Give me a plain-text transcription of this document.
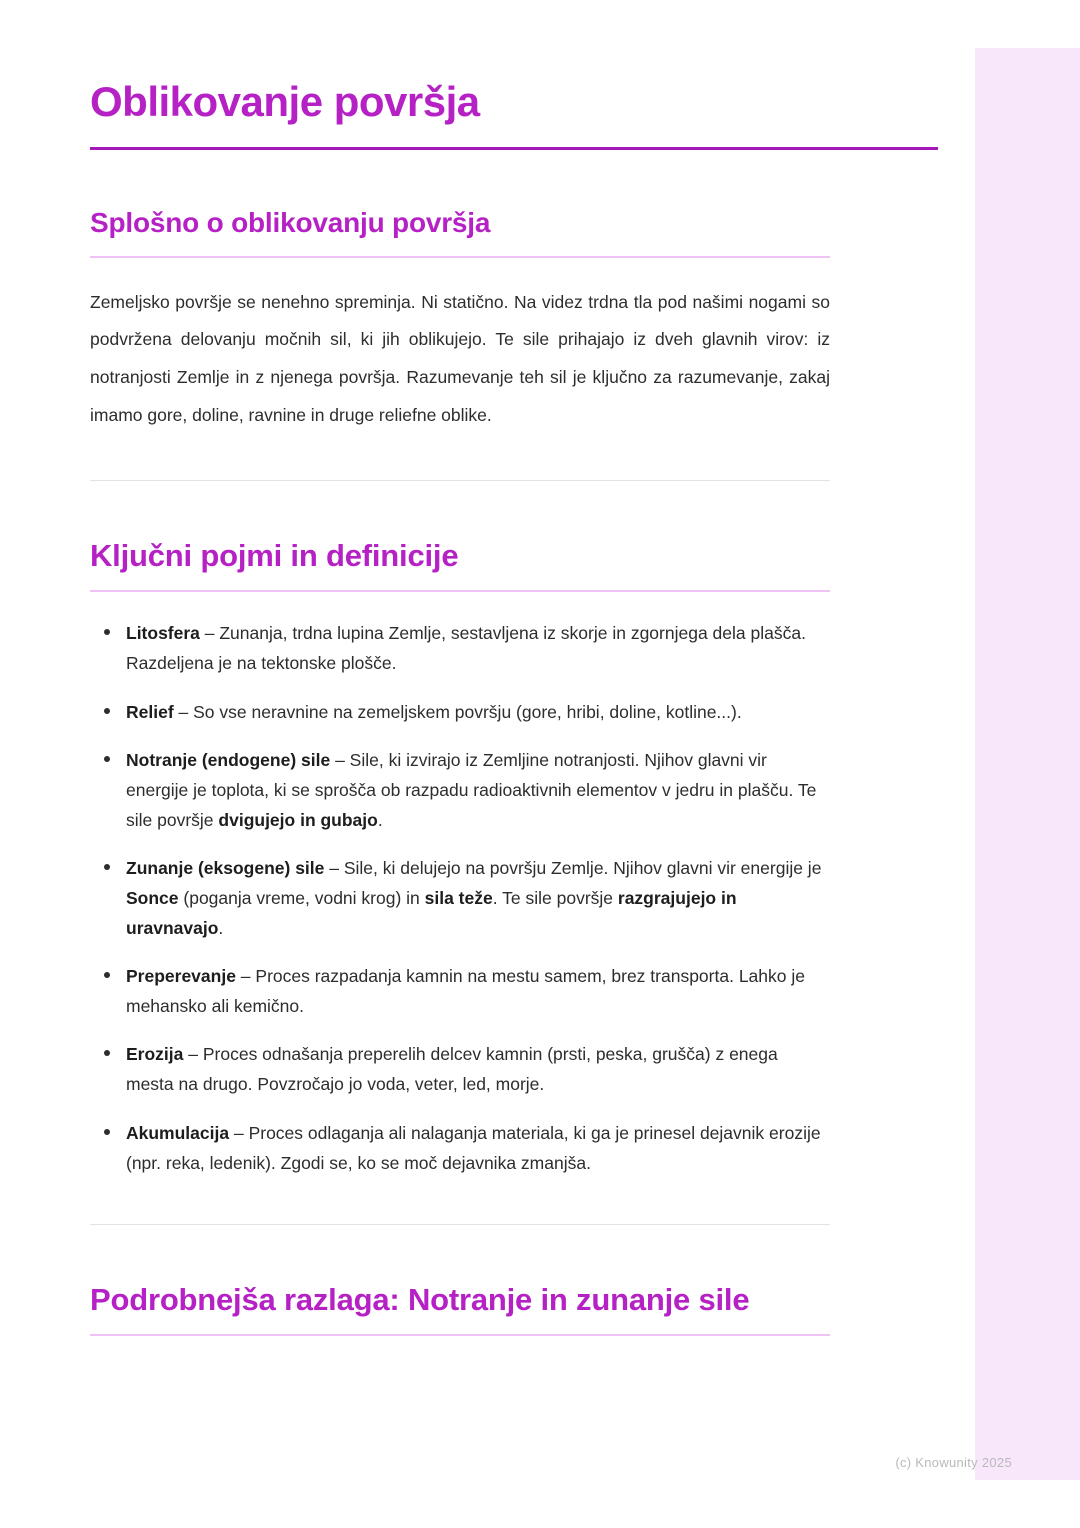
Oblikovanje površja
Splošno o oblikovanju površja

Zemeljsko površje se nenehno spreminja. Ni statično. Na videz trdna tla pod našimi nogami so podvržena delovanju močnih sil, ki jih oblikujejo. Te sile prihajajo iz dveh glavnih virov: iz notranjosti Zemlje in z njenega površja. Razumevanje teh sil je ključno za razumevanje, zakaj imamo gore, doline, ravnine in druge reliefne oblike.

Ključni pojmi in definicije
Litosfera – Zunanja, trdna lupina Zemlje, sestavljena iz skorje in zgornjega dela plašča. Razdeljena je na tektonske plošče.
Relief – So vse neravnine na zemeljskem površju (gore, hribi, doline, kotline...).
Notranje (endogene) sile – Sile, ki izvirajo iz Zemljine notranjosti. Njihov glavni vir energije je toplota, ki se sprošča ob razpadu radioaktivnih elementov v jedru in plašču. Te sile površje dvigujejo in gubajo.
Zunanje (eksogene) sile – Sile, ki delujejo na površju Zemlje. Njihov glavni vir energije je Sonce (poganja vreme, vodni krog) in sila teže. Te sile površje razgrajujejo in uravnavajo.
Preperevanje – Proces razpadanja kamnin na mestu samem, brez transporta. Lahko je mehansko ali kemično.
Erozija – Proces odnašanja preperelih delcev kamnin (prsti, peska, grušča) z enega mesta na drugo. Povzročajo jo voda, veter, led, morje.
Akumulacija – Proces odlaganja ali nalaganja materiala, ki ga je prinesel dejavnik erozije (npr. reka, ledenik). Zgodi se, ko se moč dejavnika zmanjša.
Podrobnejša razlaga: Notranje in zunanje sile
(c) Knowunity 2025
